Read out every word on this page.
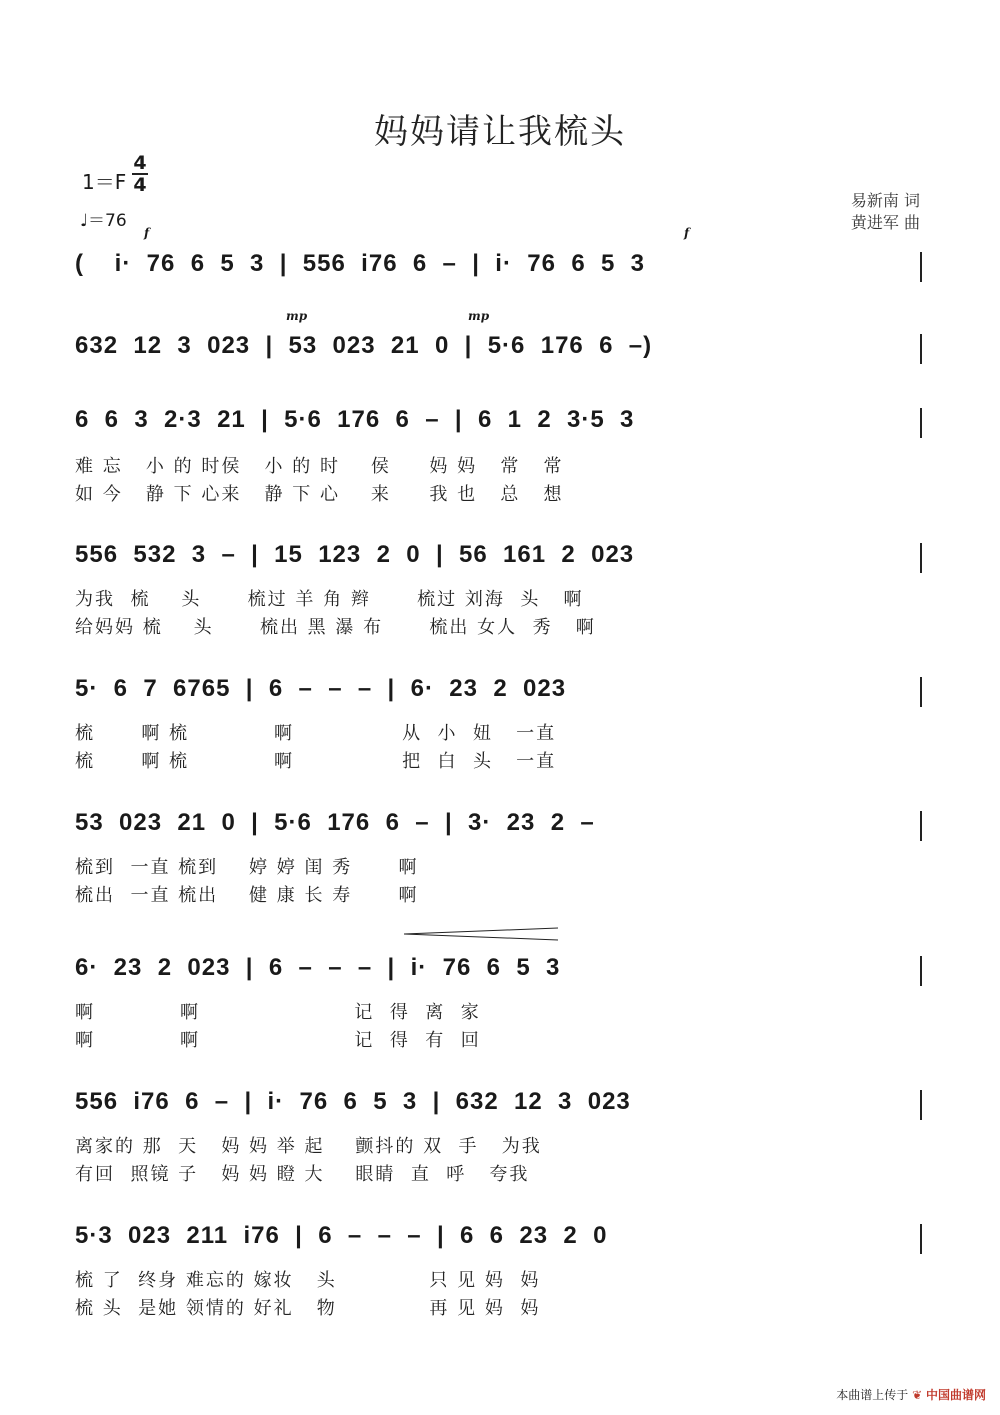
妈妈请让我梳头
1＝F
4
4
♩＝76
易新南 词
黄进军 曲
f	f
mp	mp
(    i·  76  6  5  3  |  556  i76  6  –  |  i·  76  6  5  3
632  12  3  023  |  53  023  21  0  |  5·6  176  6  –)
6  6  3  2·3  21  |  5·6  176  6  –  |  6  1  2  3·5  3
难 忘   小 的 时侯   小 的 时    侯     妈 妈   常   常
如 今   静 下 心来   静 下 心    来     我 也   总   想
556  532  3  –  |  15  123  2  0  |  56  161  2  023
为我  梳    头      梳过 羊 角 辫      梳过 刘海  头   啊
给妈妈 梳    头      梳出 黑 瀑 布      梳出 女人  秀   啊
5·  6  7  6765  |  6  –  –  –  |  6·  23  2  023
梳      啊 梳           啊              从  小  妞   一直
梳      啊 梳           啊              把  白  头   一直
53  023  21  0  |  5·6  176  6  –  |  3·  23  2  –
梳到  一直 梳到    婷 婷 闺 秀      啊
梳出  一直 梳出    健 康 长 寿      啊
6·  23  2  023  |  6  –  –  –  |  i·  76  6  5  3
啊           啊                    记  得  离  家
啊           啊                    记  得  有  回
556  i76  6  –  |  i·  76  6  5  3  |  632  12  3  023
离家的 那  天   妈 妈 举 起    颤抖的 双  手   为我
有回  照镜 子   妈 妈 瞪 大    眼睛  直  呼   夸我
5·3  023  211  i76  |  6  –  –  –  |  6  6  23  2  0
梳 了  终身 难忘的 嫁妆   头            只 见 妈  妈
梳 头  是她 领情的 好礼   物            再 见 妈  妈
本曲谱上传于 ❦ 中国曲谱网
